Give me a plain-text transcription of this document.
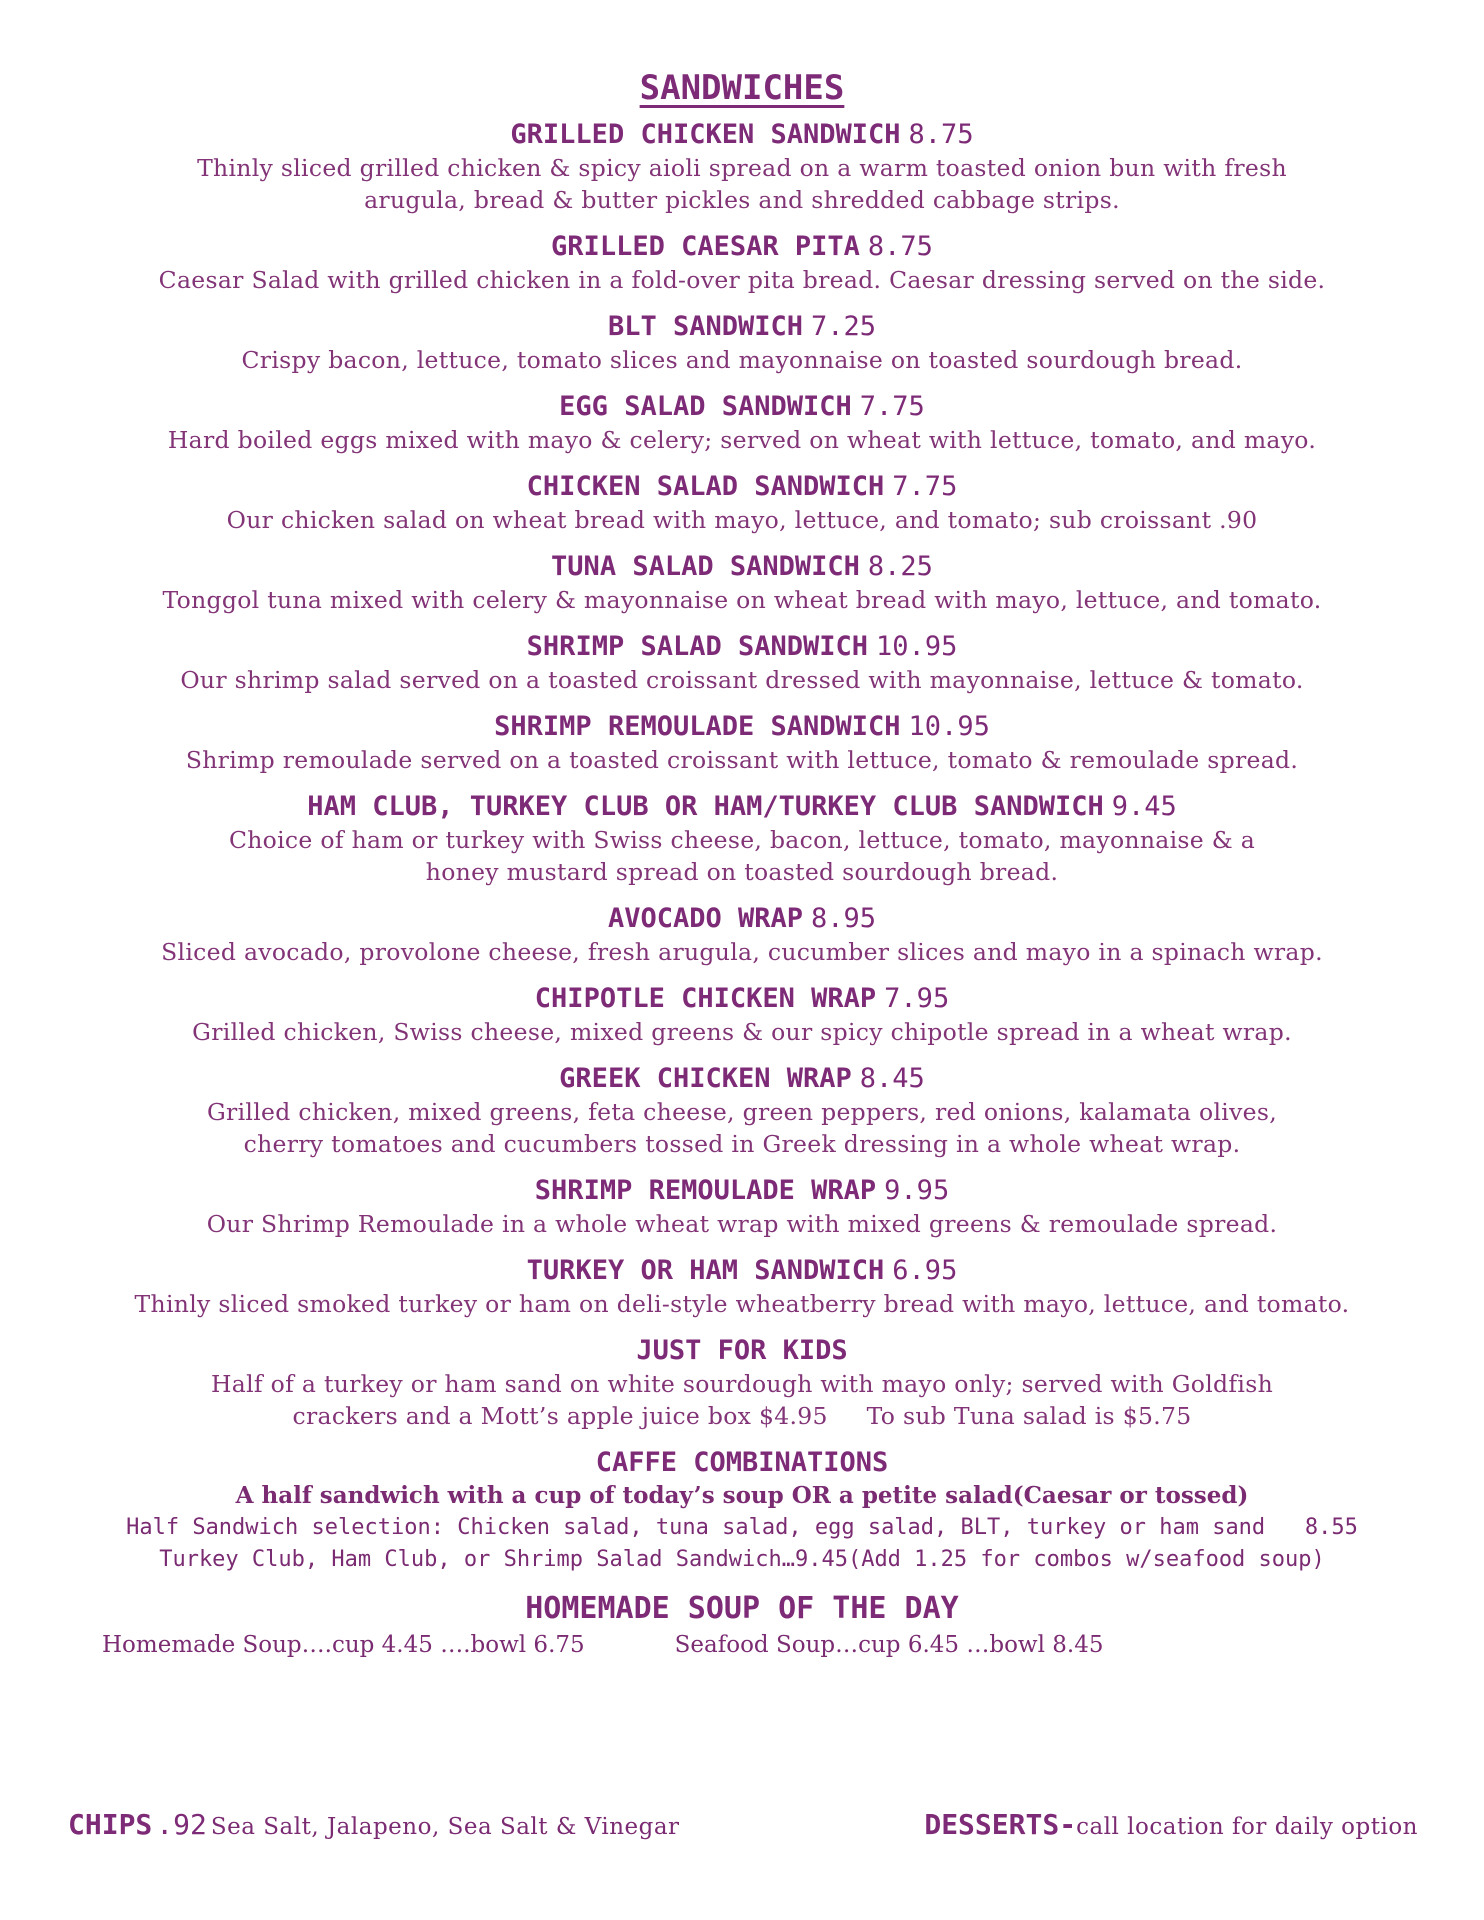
SANDWICHES
GRILLED CHICKEN SANDWICH 8.75
Thinly sliced grilled chicken & spicy aioli spread on a warm toasted onion bun with fresh
arugula, bread & butter pickles and shredded cabbage strips.
GRILLED CAESAR PITA 8.75
Caesar Salad with grilled chicken in a fold-over pita bread. Caesar dressing served on the side.
BLT SANDWICH 7.25
Crispy bacon, lettuce, tomato slices and mayonnaise on toasted sourdough bread.
EGG SALAD SANDWICH 7.75
Hard boiled eggs mixed with mayo & celery; served on wheat with lettuce, tomato, and mayo.
CHICKEN SALAD SANDWICH 7.75
Our chicken salad on wheat bread with mayo, lettuce, and tomato; sub croissant .90
TUNA SALAD SANDWICH 8.25
Tonggol tuna mixed with celery & mayonnaise on wheat bread with mayo, lettuce, and tomato.
SHRIMP SALAD SANDWICH 10.95
Our shrimp salad served on a toasted croissant dressed with mayonnaise, lettuce & tomato.
SHRIMP REMOULADE SANDWICH 10.95
Shrimp remoulade served on a toasted croissant with lettuce, tomato & remoulade spread.
HAM CLUB, TURKEY CLUB OR HAM/TURKEY CLUB SANDWICH 9.45
Choice of ham or turkey with Swiss cheese, bacon, lettuce, tomato, mayonnaise & a
honey mustard spread on toasted sourdough bread.
AVOCADO WRAP 8.95
Sliced avocado, provolone cheese, fresh arugula, cucumber slices and mayo in a spinach wrap.
CHIPOTLE CHICKEN WRAP 7.95
Grilled chicken, Swiss cheese, mixed greens & our spicy chipotle spread in a wheat wrap.
GREEK CHICKEN WRAP 8.45
Grilled chicken, mixed greens, feta cheese, green peppers, red onions, kalamata olives,
cherry tomatoes and cucumbers tossed in Greek dressing in a whole wheat wrap.
SHRIMP REMOULADE WRAP 9.95
Our Shrimp Remoulade in a whole wheat wrap with mixed greens & remoulade spread.
TURKEY OR HAM SANDWICH 6.95
Thinly sliced smoked turkey or ham on deli-style wheatberry bread with mayo, lettuce, and tomato.
JUST FOR KIDS
Half of a turkey or ham sand on white sourdough with mayo only; served with Goldfish
crackers and a Mott’s apple juice box $4.95     To sub Tuna salad is $5.75
CAFFE COMBINATIONS
A half sandwich with a cup of today’s soup OR a petite salad(Caesar or tossed)
Half Sandwich selection: Chicken salad, tuna salad, egg salad, BLT, turkey or ham sand   8.55
Turkey Club, Ham Club, or Shrimp Salad Sandwich…9.45(Add 1.25 for combos w/seafood soup)
HOMEMADE SOUP OF THE DAY
Homemade Soup….cup 4.45 ….bowl 6.75	Seafood Soup…cup 6.45 …bowl 8.45
CHIPS .92 Sea Salt, Jalapeno, Sea Salt & Vinegar	DESSERTS-call location for daily option
